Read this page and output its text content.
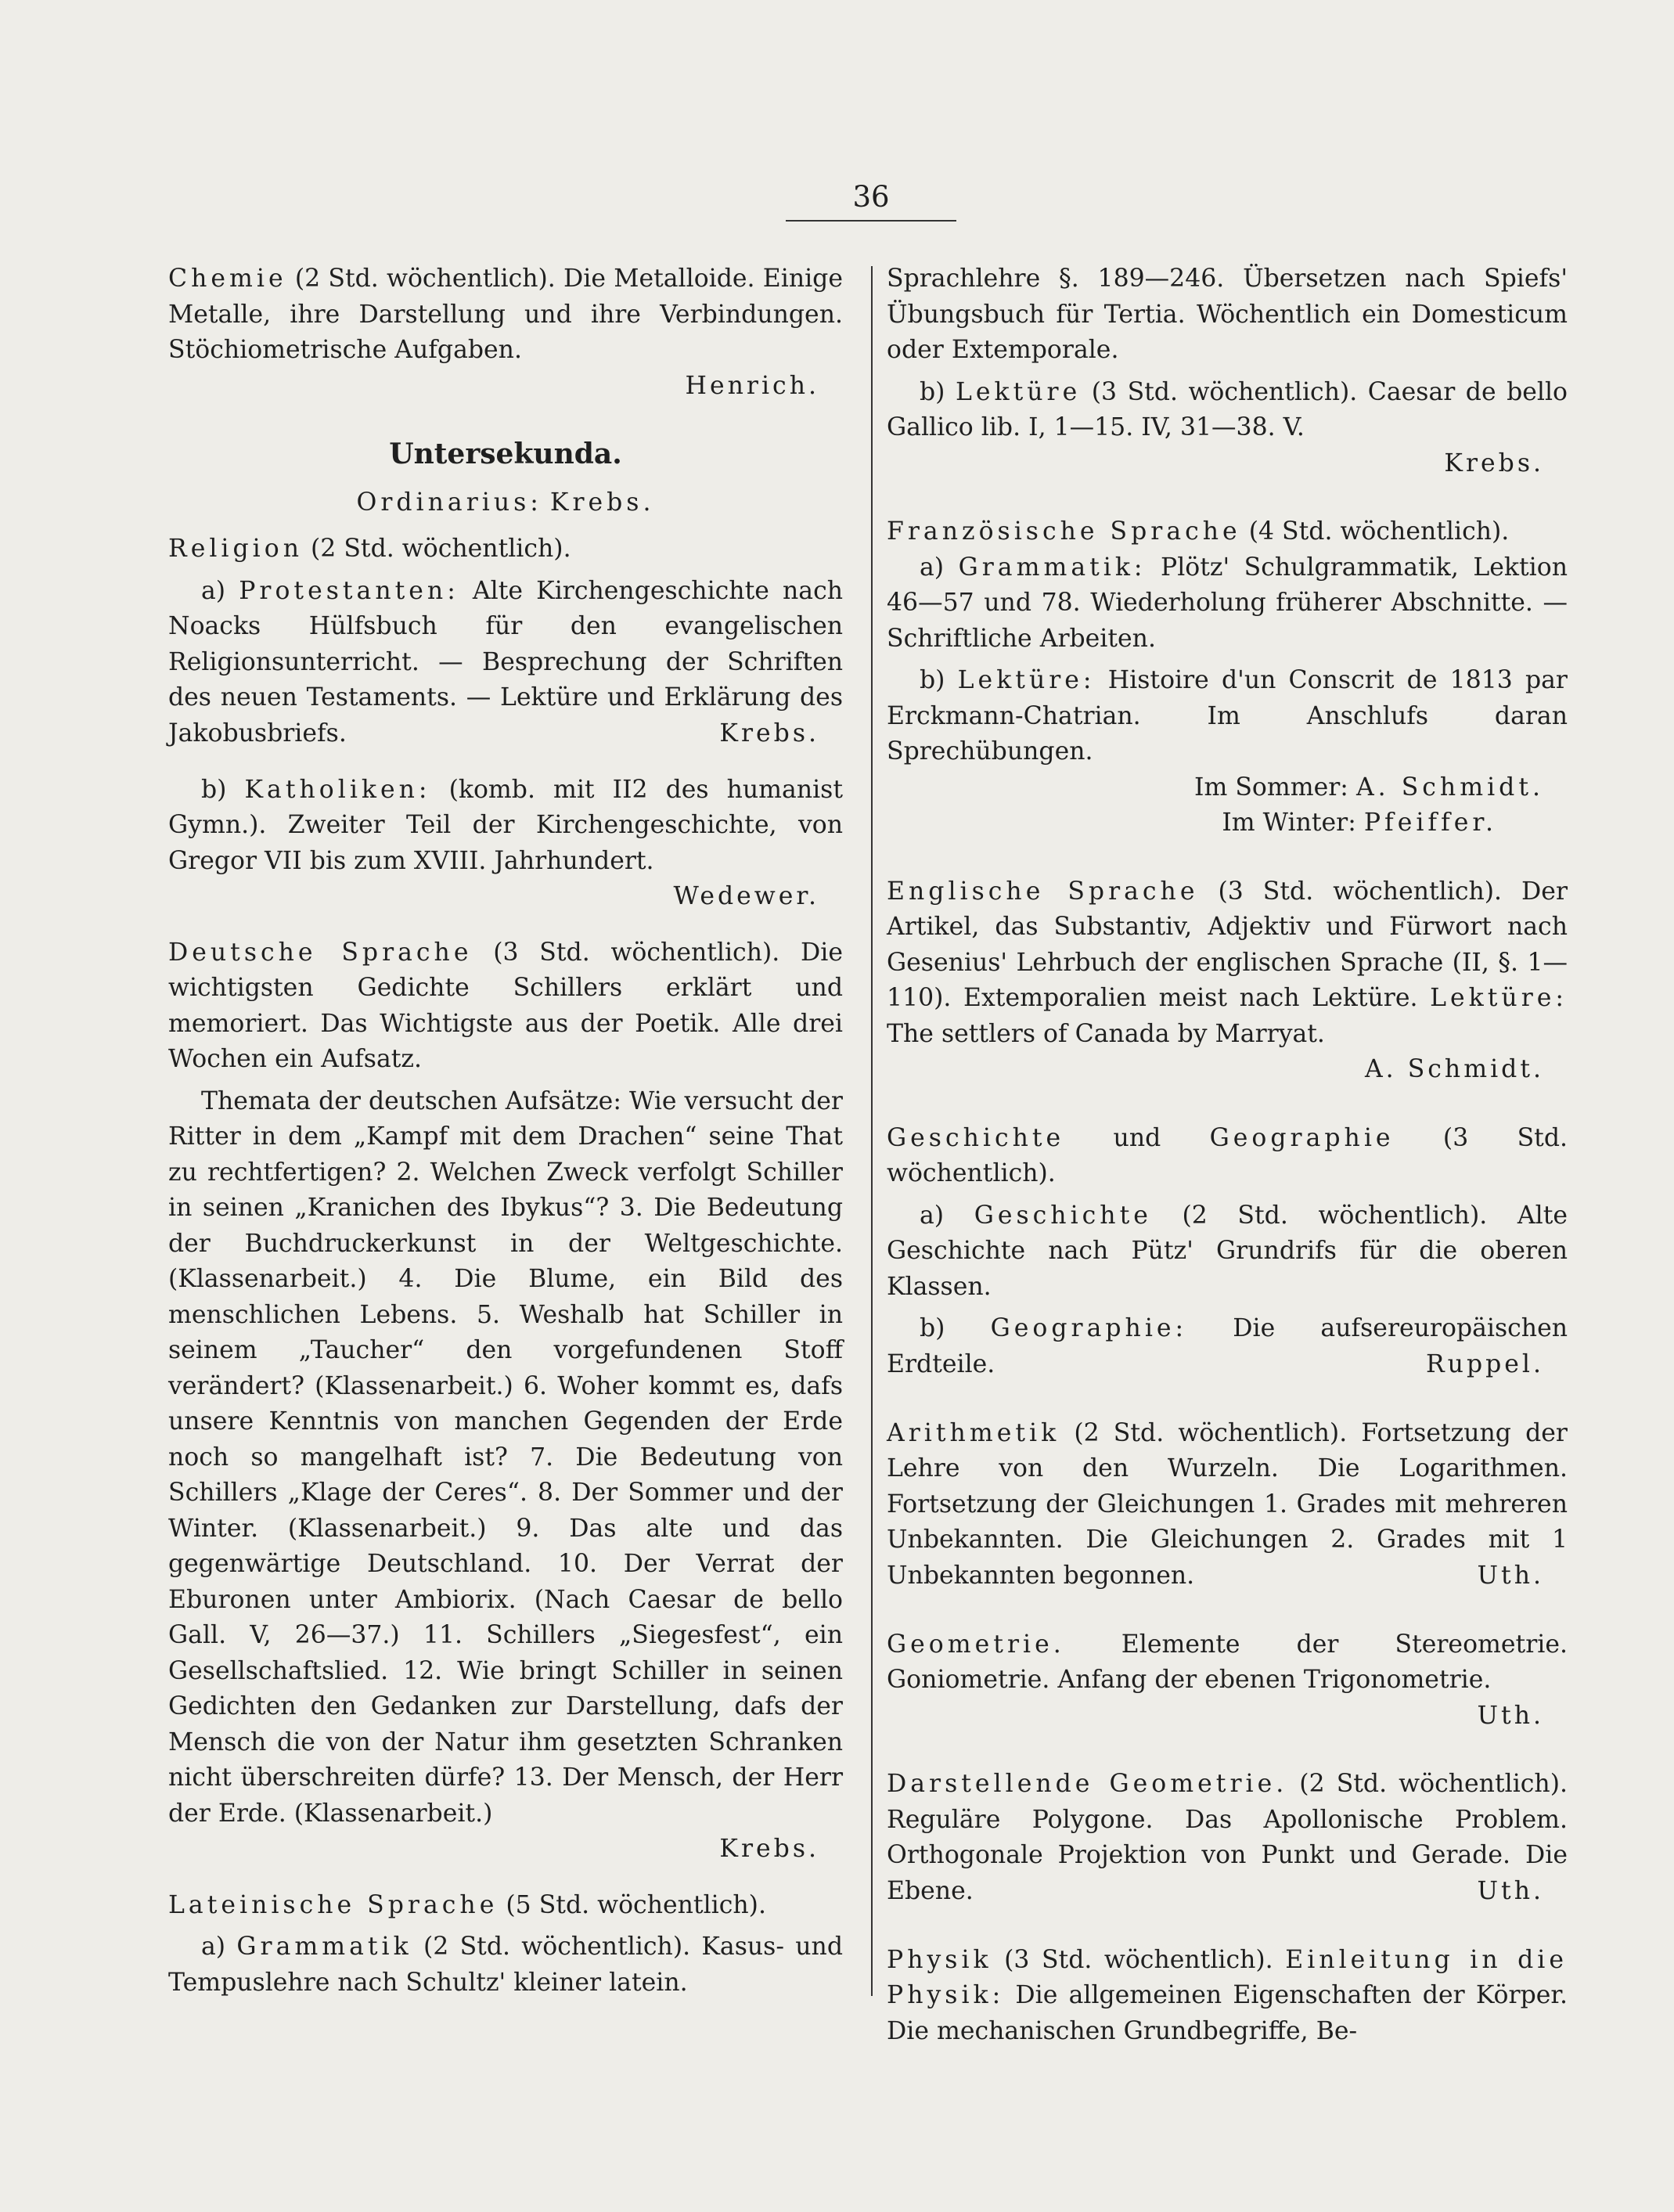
36

Chemie (2 Std. wöchentlich). Die Metalloide. Einige Metalle, ihre Darstellung und ihre Verbindungen. Stöchiometrische Aufgaben.

Henrich.

Untersekunda.

Ordinarius: Krebs.

Religion (2 Std. wöchentlich).

a) Protestanten: Alte Kirchengeschichte nach Noacks Hülfsbuch für den evangelischen Religionsunterricht. — Besprechung der Schriften des neuen Testaments. — Lektüre und Erklärung des Jakobusbriefs.	Krebs.

b) Katholiken: (komb. mit II2 des humanist Gymn.). Zweiter Teil der Kirchengeschichte, von Gregor VII bis zum XVIII. Jahrhundert.

Wedewer.

Deutsche Sprache (3 Std. wöchentlich). Die wichtigsten Gedichte Schillers erklärt und memoriert. Das Wichtigste aus der Poetik. Alle drei Wochen ein Aufsatz.

Themata der deutschen Aufsätze: Wie versucht der Ritter in dem „Kampf mit dem Drachen“ seine That zu rechtfertigen? 2. Welchen Zweck verfolgt Schiller in seinen „Kranichen des Ibykus“? 3. Die Bedeutung der Buchdruckerkunst in der Weltgeschichte. (Klassenarbeit.) 4. Die Blume, ein Bild des menschlichen Lebens. 5. Weshalb hat Schiller in seinem „Taucher“ den vorgefundenen Stoff verändert? (Klassenarbeit.) 6. Woher kommt es, dafs unsere Kenntnis von manchen Gegenden der Erde noch so mangelhaft ist? 7. Die Bedeutung von Schillers „Klage der Ceres“. 8. Der Sommer und der Winter. (Klassenarbeit.) 9. Das alte und das gegenwärtige Deutschland. 10. Der Verrat der Eburonen unter Ambiorix. (Nach Caesar de bello Gall. V, 26—37.) 11. Schillers „Siegesfest“, ein Gesellschaftslied. 12. Wie bringt Schiller in seinen Gedichten den Gedanken zur Darstellung, dafs der Mensch die von der Natur ihm gesetzten Schranken nicht überschreiten dürfe? 13. Der Mensch, der Herr der Erde. (Klassenarbeit.)

Krebs.

Lateinische Sprache (5 Std. wöchentlich).

a) Grammatik (2 Std. wöchentlich). Kasus- und Tempuslehre nach Schultz' kleiner latein.

Sprachlehre §. 189—246. Übersetzen nach Spiefs' Übungsbuch für Tertia. Wöchentlich ein Domesticum oder Extemporale.

b) Lektüre (3 Std. wöchentlich). Caesar de bello Gallico lib. I, 1—15. IV, 31—38. V.

Krebs.

Französische Sprache (4 Std. wöchentlich).

a) Grammatik: Plötz' Schulgrammatik, Lektion 46—57 und 78. Wiederholung früherer Abschnitte. — Schriftliche Arbeiten.

b) Lektüre: Histoire d'un Conscrit de 1813 par Erckmann-Chatrian. Im Anschlufs daran Sprechübungen.

Im Sommer: A. Schmidt.

Im Winter: Pfeiffer.

Englische Sprache (3 Std. wöchentlich). Der Artikel, das Substantiv, Adjektiv und Fürwort nach Gesenius' Lehrbuch der englischen Sprache (II, §. 1—110). Extemporalien meist nach Lektüre. Lektüre: The settlers of Canada by Marryat.

A. Schmidt.

Geschichte und Geographie (3 Std. wöchentlich).

a) Geschichte (2 Std. wöchentlich). Alte Geschichte nach Pütz' Grundrifs für die oberen Klassen.

b) Geographie: Die aufsereuropäischen Erdteile.	Ruppel.

Arithmetik (2 Std. wöchentlich). Fortsetzung der Lehre von den Wurzeln. Die Logarithmen. Fortsetzung der Gleichungen 1. Grades mit mehreren Unbekannten. Die Gleichungen 2. Grades mit 1 Unbekannten begonnen.	Uth.

Geometrie. Elemente der Stereometrie. Goniometrie. Anfang der ebenen Trigonometrie.

Uth.

Darstellende Geometrie. (2 Std. wöchentlich). Reguläre Polygone. Das Apollonische Problem. Orthogonale Projektion von Punkt und Gerade. Die Ebene.	Uth.

Physik (3 Std. wöchentlich). Einleitung in die Physik: Die allgemeinen Eigenschaften der Körper. Die mechanischen Grundbegriffe, Be-
